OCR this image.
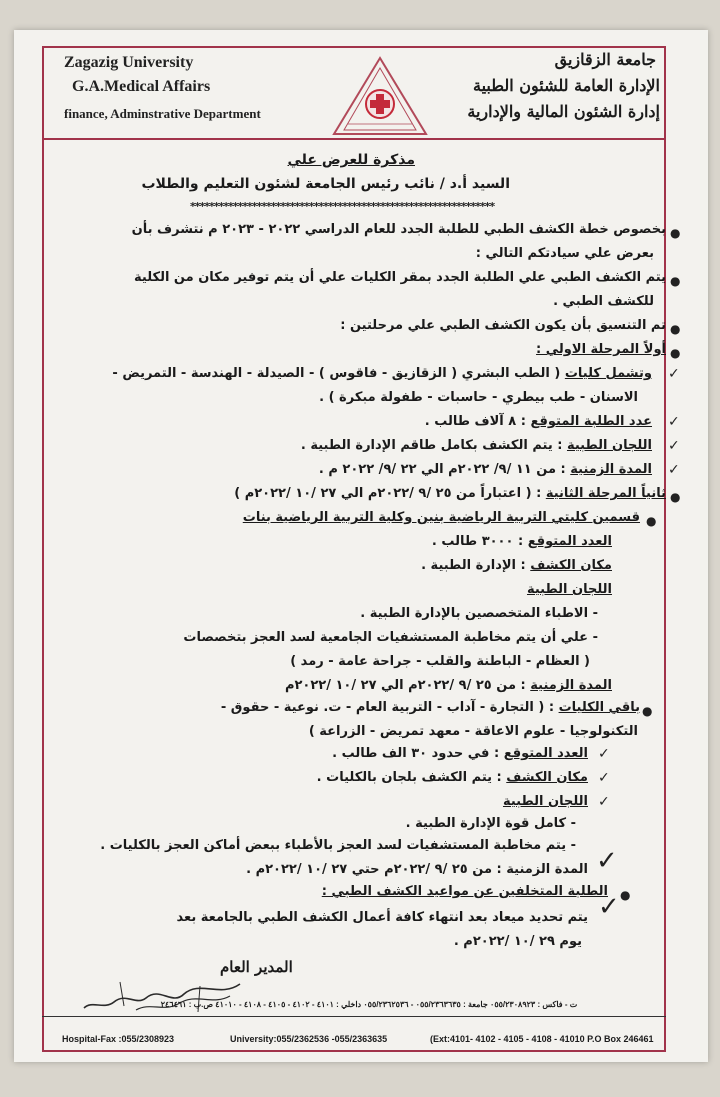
Zagazig University
G.A.Medical Affairs
finance, Adminstrative Department
جامعة الزقازيق
الإدارة العامة للشئون الطبية
إدارة الشئون المالية والإدارية
مذكرة للعرض علي
السيد أ.د / نائب رئيس الجامعة لشئون التعليم والطلاب
****************************************************************
●
بخصوص خطة الكشف الطبي للطلبة الجدد للعام الدراسي ٢٠٢٢ - ٢٠٢٣ م نتشرف بأن
بعرض علي سيادتكم التالي :
●
يتم الكشف الطبي علي الطلبة الجدد بمقر الكليات علي أن يتم توفير مكان من الكلية
للكشف الطبي .
●
تم التنسيق بأن يكون الكشف الطبي علي مرحلتين :
●
أولاً المرحلة الاولي :
✓
وتشمل كليات ( الطب البشري ( الزقازيق - فاقوس ) - الصيدلة - الهندسة - التمريض -
الاسنان - طب بيطري - حاسبات - طفولة مبكرة ) .
✓
عدد الطلبة المتوقع : ٨ آلاف طالب .
✓
اللجان الطبية : يتم الكشف بكامل طاقم الإدارة الطبية .
✓
المدة الزمنية : من ١١ /٩/ ٢٠٢٢م الي ٢٢ /٩/ ٢٠٢٢ م .
●
ثانياً المرحلة الثانية : ( اعتباراً من ٢٥ /٩ /٢٠٢٢م الي ٢٧ /١٠ /٢٠٢٢م )
●
قسمين كليتي التربية الرياضية بنين وكلية التربية الرياضية بنات
العدد المتوقع : ٣٠٠٠ طالب .
مكان الكشف : الإدارة الطبية .
اللجان الطبية
- الاطباء المتخصصين بالإدارة الطبية .
- علي أن يتم مخاطبة المستشفيات الجامعية لسد العجز بتخصصات
( العظام - الباطنة والقلب - جراحة عامة - رمد )
المدة الزمنية : من ٢٥ /٩ /٢٠٢٢م الي ٢٧ /١٠ /٢٠٢٢م
●
باقي الكليات : ( التجارة - آداب - التربية العام - ت. نوعية - حقوق -
التكنولوجيا - علوم الاعاقة - معهد تمريض - الزراعة )
✓
العدد المتوقع : في حدود ٣٠ الف طالب .
✓
مكان الكشف : يتم الكشف بلجان بالكليات .
✓
اللجان الطبية
- كامل قوة الإدارة الطبية .
- يتم مخاطبة المستشفيات لسد العجز بالأطباء ببعض أماكن العجز بالكليات .
✓
المدة الزمنية : من ٢٥ /٩ /٢٠٢٢م حتي ٢٧ /١٠ /٢٠٢٢م .
●
الطلبة المتخلفين عن مواعيد الكشف الطبي :
✓
يتم تحديد ميعاد بعد انتهاء كافة أعمال الكشف الطبي بالجامعة بعد
يوم ٢٩ /١٠ /٢٠٢٢م .
المدير العام
ت - فاكس : ٠٥٥/٢٣٠٨٩٢٣ جامعة : ٠٥٥/٢٣٦٣٦٣٥ - ٠٥٥/٢٣٦٢٥٣٦ داخلي : ٤١٠١ - ٤١٠٢ - ٤١٠٥ - ٤١٠٨ - ٤١٠١٠ ص.ب : ٢٤٦٤٦١
Hospital-Fax :055/2308923	University:055/2362536 -055/2363635	(Ext:4101- 4102 - 4105 - 4108 - 41010 P.O Box 246461
